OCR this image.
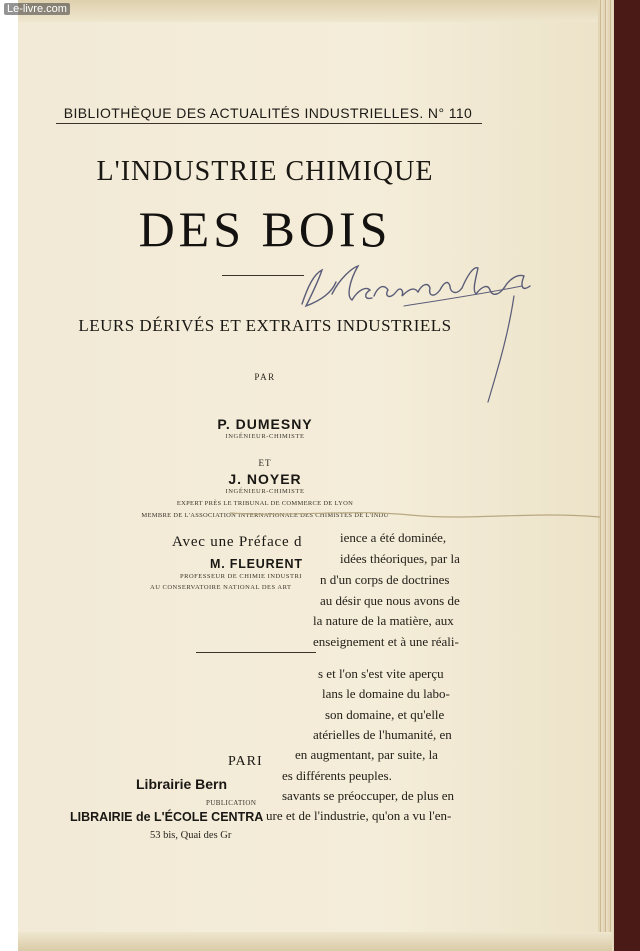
Le-livre.com
BIBLIOTHÈQUE DES ACTUALITÉS INDUSTRIELLES. N° 110
L'INDUSTRIE CHIMIQUE
DES BOIS
LEURS DÉRIVÉS ET EXTRAITS INDUSTRIELS
PAR
P. DUMESNY
INGÉNIEUR-CHIMISTE
ET
J. NOYER
INGÉNIEUR-CHIMISTE
EXPERT PRÈS LE TRIBUNAL DE COMMERCE DE LYON
MEMBRE DE L'ASSOCIATION INTERNATIONALE DES CHIMISTES DE L'INDU
Avec une Préface d
M. FLEURENT
PROFESSEUR DE CHIMIE INDUSTRI
AU CONSERVATOIRE NATIONAL DES ART
PARI
Librairie Bern
PUBLICATION
LIBRAIRIE de L'ÉCOLE CENTRA
53 bis, Quai des Gr
ience a été dominée,
idées théoriques, par la
n d'un corps de doctrines
au désir que nous avons de
la nature de la matière, aux
enseignement et à une réali-
s et l'on s'est vite aperçu
lans le domaine du labo-
son domaine, et qu'elle
atérielles de l'humanité, en
en augmentant, par suite, la
es différents peuples.
savants se préoccuper, de plus en
ure et de l'industrie, qu'on a vu l'en-
